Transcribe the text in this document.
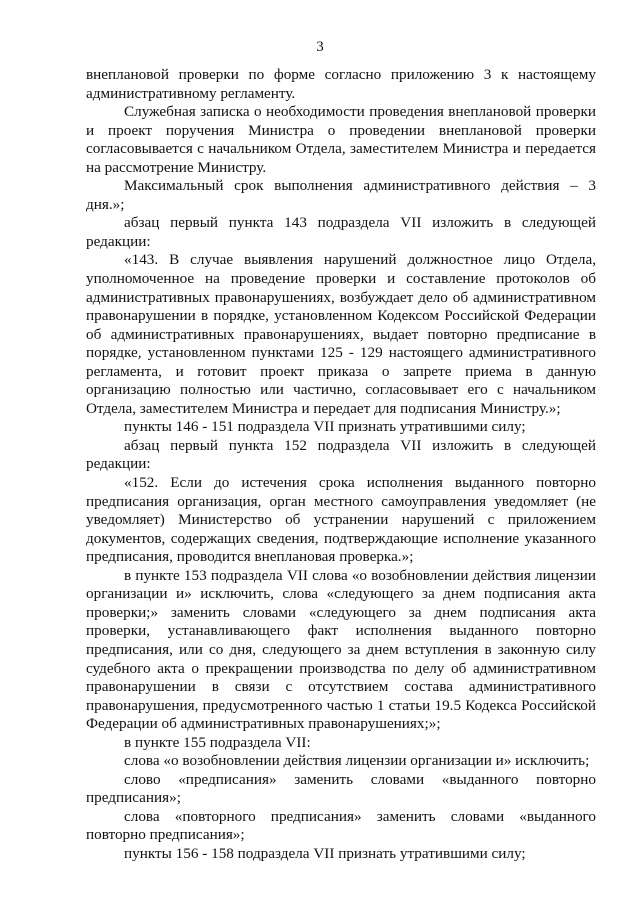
3

внеплановой проверки по форме согласно приложению 3 к настоящему административному регламенту.

Служебная записка о необходимости проведения внеплановой проверки и проект поручения Министра о проведении внеплановой проверки согласовывается с начальником Отдела, заместителем Министра и передается на рассмотрение Министру.

Максимальный срок выполнения административного действия – 3 дня.»;

абзац первый пункта 143 подраздела VII изложить в следующей редакции:

«143. В случае выявления нарушений должностное лицо Отдела, уполномоченное на проведение проверки и составление протоколов об административных правонарушениях, возбуждает дело об административном правонарушении в порядке, установленном Кодексом Российской Федерации об административных правонарушениях, выдает повторно предписание в порядке, установленном пунктами 125 - 129 настоящего административного регламента, и готовит проект приказа о запрете приема в данную организацию полностью или частично, согласовывает его с начальником Отдела, заместителем Министра и передает для подписания Министру.»;

пункты 146 - 151 подраздела VII признать утратившими силу;

абзац первый пункта 152 подраздела VII изложить в следующей редакции:

«152. Если до истечения срока исполнения выданного повторно предписания организация, орган местного самоуправления уведомляет (не уведомляет) Министерство об устранении нарушений с приложением документов, содержащих сведения, подтверждающие исполнение указанного предписания, проводится внеплановая проверка.»;

в пункте 153 подраздела VII слова «о возобновлении действия лицензии организации и» исключить, слова «следующего за днем подписания акта проверки;» заменить словами «следующего за днем подписания акта проверки, устанавливающего факт исполнения выданного повторно предписания, или со дня, следующего за днем вступления в законную силу судебного акта о прекращении производства по делу об административном правонарушении в связи с отсутствием состава административного правонарушения, предусмотренного частью 1 статьи 19.5 Кодекса Российской Федерации об административных правонарушениях;»;

в пункте 155 подраздела VII:

слова «о возобновлении действия лицензии организации и» исключить;

слово «предписания» заменить словами «выданного повторно предписания»;

слова «повторного предписания» заменить словами «выданного повторно предписания»;

пункты 156 - 158 подраздела VII признать утратившими силу;
